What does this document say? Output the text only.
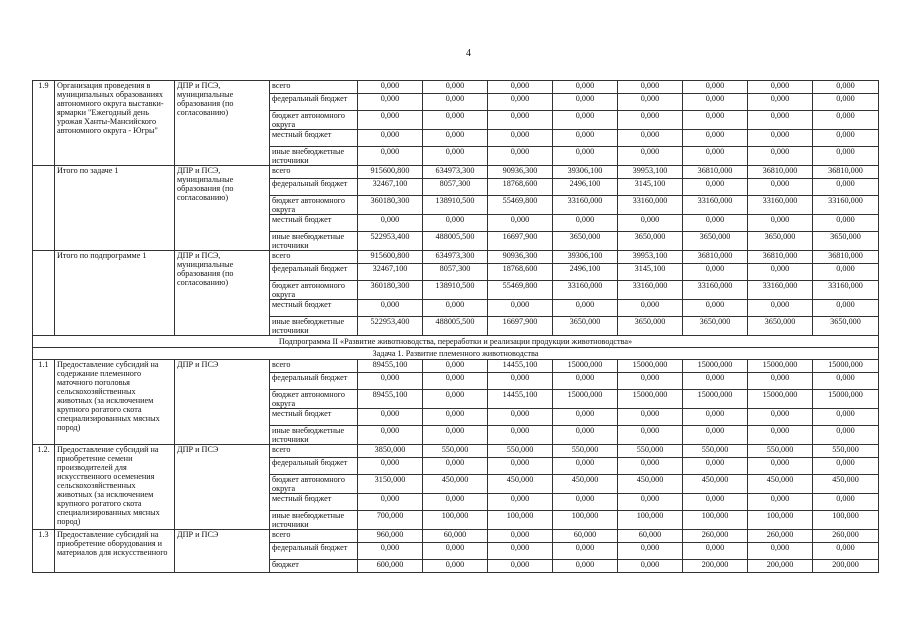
4
1.9	Организация проведения в муниципальных образованиях автономного округа выставки-ярмарки "Ежегодный день урожая Ханты-Мансийского автономного округа - Югры"	ДПР и ПСЭ, муниципальные образования (по согласованию)	всего	0,000	0,000	0,000	0,000	0,000	0,000	0,000	0,000
			федеральный бюджет	0,000	0,000	0,000	0,000	0,000	0,000	0,000	0,000
			бюджет автономного округа	0,000	0,000	0,000	0,000	0,000	0,000	0,000	0,000
			местный бюджет	0,000	0,000	0,000	0,000	0,000	0,000	0,000	0,000
			иные внебюджетные источники	0,000	0,000	0,000	0,000	0,000	0,000	0,000	0,000
	Итого по задаче 1	ДПР и ПСЭ, муниципальные образования (по согласованию)	всего	915600,800	634973,300	90936,300	39306,100	39953,100	36810,000	36810,000	36810,000
			федеральный бюджет	32467,100	8057,300	18768,600	2496,100	3145,100	0,000	0,000	0,000
			бюджет автономного округа	360180,300	138910,500	55469,800	33160,000	33160,000	33160,000	33160,000	33160,000
			местный бюджет	0,000	0,000	0,000	0,000	0,000	0,000	0,000	0,000
			иные внебюджетные источники	522953,400	488005,500	16697,900	3650,000	3650,000	3650,000	3650,000	3650,000
	Итого по подпрограмме 1	ДПР и ПСЭ, муниципальные образования (по согласованию)	всего	915600,800	634973,300	90936,300	39306,100	39953,100	36810,000	36810,000	36810,000
			федеральный бюджет	32467,100	8057,300	18768,600	2496,100	3145,100	0,000	0,000	0,000
			бюджет автономного округа	360180,300	138910,500	55469,800	33160,000	33160,000	33160,000	33160,000	33160,000
			местный бюджет	0,000	0,000	0,000	0,000	0,000	0,000	0,000	0,000
			иные внебюджетные источники	522953,400	488005,500	16697,900	3650,000	3650,000	3650,000	3650,000	3650,000
Подпрограмма II «Развитие животноводства, переработки и реализации продукции животноводства»											
Задача 1. Развитие племенного животноводства											
1.1	Предоставление субсидий на содержание племенного маточного поголовья сельскохозяйственных животных (за исключением крупного рогатого скота специализированных мясных пород)	ДПР и ПСЭ	всего	89455,100	0,000	14455,100	15000,000	15000,000	15000,000	15000,000	15000,000
			федеральный бюджет	0,000	0,000	0,000	0,000	0,000	0,000	0,000	0,000
			бюджет автономного округа	89455,100	0,000	14455,100	15000,000	15000,000	15000,000	15000,000	15000,000
			местный бюджет	0,000	0,000	0,000	0,000	0,000	0,000	0,000	0,000
			иные внебюджетные источники	0,000	0,000	0,000	0,000	0,000	0,000	0,000	0,000
1.2.	Предоставление субсидий на приобретение семени производителей для искусственного осеменения сельскохозяйственных животных (за исключением крупного рогатого скота специализированных мясных пород)	ДПР и ПСЭ	всего	3850,000	550,000	550,000	550,000	550,000	550,000	550,000	550,000
			федеральный бюджет	0,000	0,000	0,000	0,000	0,000	0,000	0,000	0,000
			бюджет автономного округа	3150,000	450,000	450,000	450,000	450,000	450,000	450,000	450,000
			местный бюджет	0,000	0,000	0,000	0,000	0,000	0,000	0,000	0,000
			иные внебюджетные источники	700,000	100,000	100,000	100,000	100,000	100,000	100,000	100,000
1.3	Предоставление субсидий на приобретение оборудования и материалов для искусственного	ДПР и ПСЭ	всего	960,000	60,000	0,000	60,000	60,000	260,000	260,000	260,000
			федеральный бюджет	0,000	0,000	0,000	0,000	0,000	0,000	0,000	0,000
			бюджет	600,000	0,000	0,000	0,000	0,000	200,000	200,000	200,000
